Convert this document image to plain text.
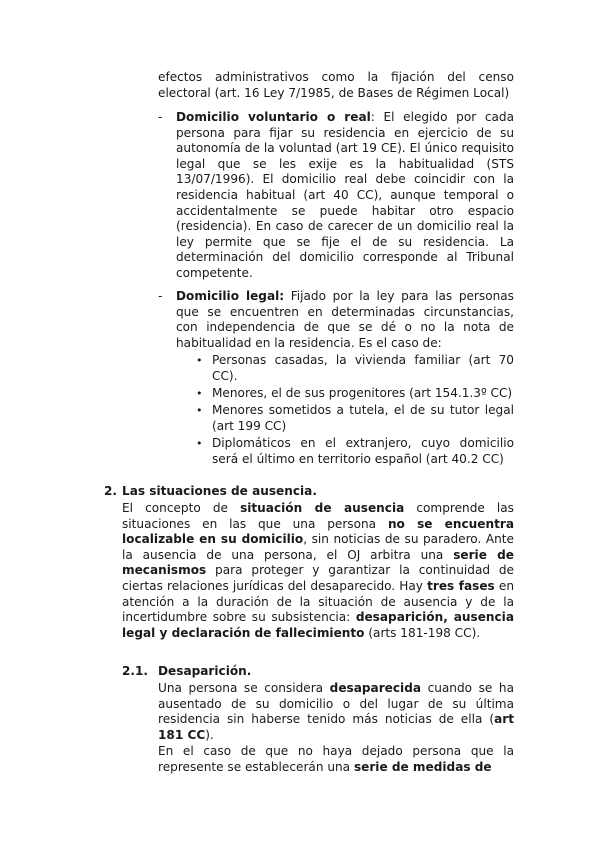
efectos administrativos como la fijación del censo electoral (art. 16 Ley 7/1985, de Bases de Régimen Local)

- Domicilio voluntario o real: El elegido por cada persona para fijar su residencia en ejercicio de su autonomía de la voluntad (art 19 CE). El único requisito legal que se les exije es la habitualidad (STS 13/07/1996). El domicilio real debe coincidir con la residencia habitual (art 40 CC), aunque temporal o accidentalmente se puede habitar otro espacio (residencia). En caso de carecer de un domicilio real la ley permite que se fije el de su residencia. La determinación del domicilio corresponde al Tribunal competente.

- Domicilio legal: Fijado por la ley para las personas que se encuentren en determinadas circunstancias, con independencia de que se dé o no la nota de habitualidad en la residencia. Es el caso de:

• Personas casadas, la vivienda familiar (art 70 CC).

• Menores, el de sus progenitores (art 154.1.3º CC)

• Menores sometidos a tutela, el de su tutor legal (art 199 CC)

• Diplomáticos en el extranjero, cuyo domicilio será el último en territorio español (art 40.2 CC)

2. Las situaciones de ausencia.

El concepto de situación de ausencia comprende las situaciones en las que una persona no se encuentra localizable en su domicilio, sin noticias de su paradero. Ante la ausencia de una persona, el OJ arbitra una serie de mecanismos para proteger y garantizar la continuidad de ciertas relaciones jurídicas del desaparecido. Hay tres fases en atención a la duración de la situación de ausencia y de la incertidumbre sobre su subsistencia: desaparición, ausencia legal y declaración de fallecimiento (arts 181-198 CC).

2.1. Desaparición.

Una persona se considera desaparecida cuando se ha ausentado de su domicilio o del lugar de su última residencia sin haberse tenido más noticias de ella (art 181 CC).

En el caso de que no haya dejado persona que la represente se establecerán una serie de medidas de
